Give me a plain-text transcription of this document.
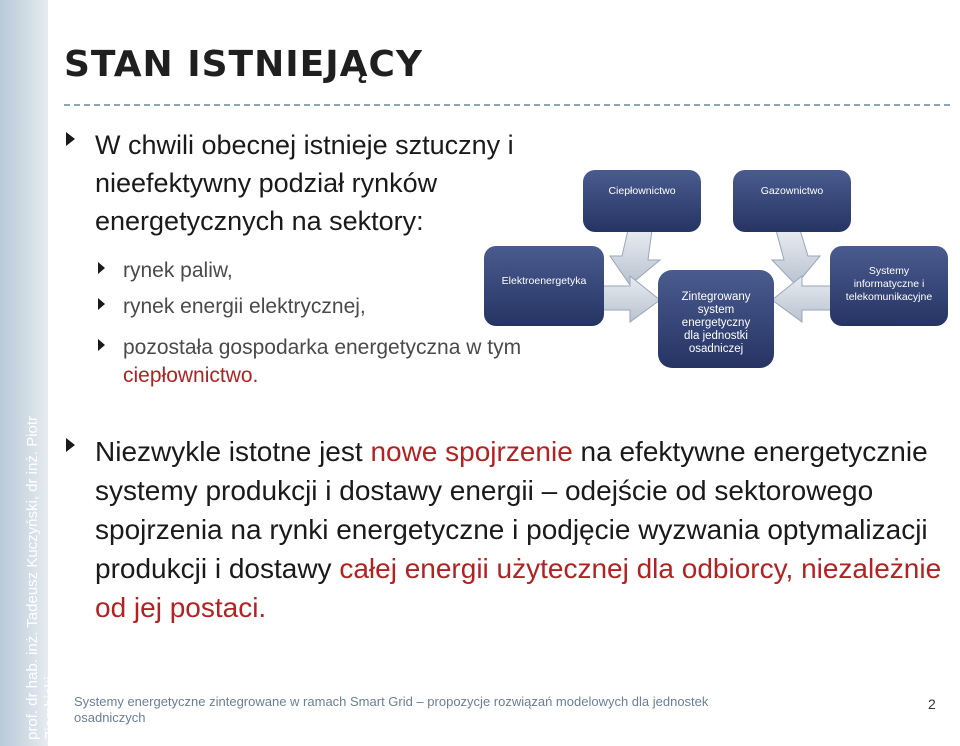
prof. dr hab. inż. Tadeusz Kuczyński, dr inż. Piotr Ziembicki
STAN ISTNIEJĄCY
W chwili obecnej istnieje sztuczny i nieefektywny podział rynków energetycznych na sektory:
rynek paliw,
rynek energii elektrycznej,
pozostała gospodarka energetyczna w tym ciepłownictwo.
Ciepłownictwo	Gazownictwo
Elektroenergetyka
Systemy
informatyczne i
telekomunikacyjne
Zintegrowany
system
energetyczny
dla jednostki
osadniczej
Niezwykle istotne jest nowe spojrzenie na efektywne energetycznie systemy produkcji i dostawy energii – odejście od sektorowego spojrzenia na rynki energetyczne i podjęcie wyzwania optymalizacji produkcji i dostawy całej energii użytecznej dla odbiorcy, niezależnie od jej postaci.
Systemy energetyczne zintegrowane w ramach Smart Grid – propozycje rozwiązań modelowych dla jednostek osadniczych
2
